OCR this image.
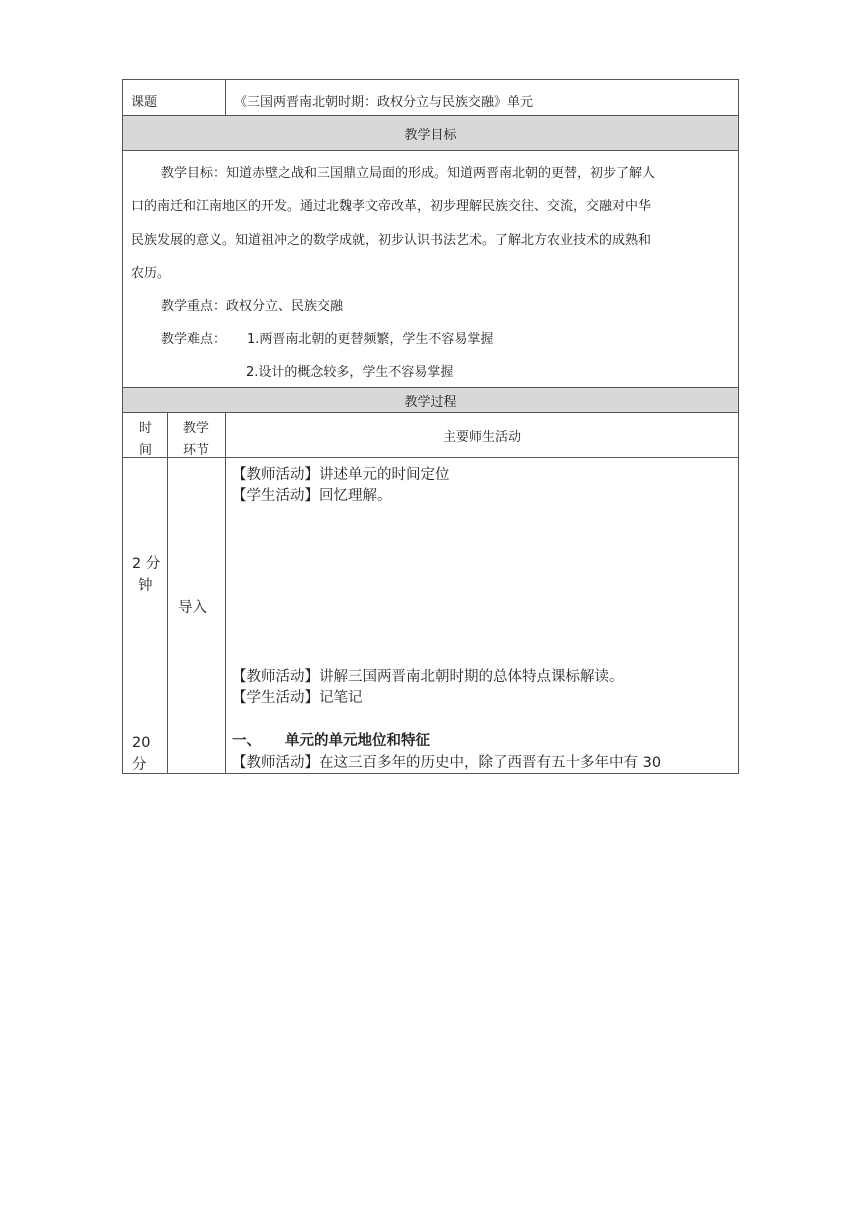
课题	《三国两晋南北朝时期：政权分立与民族交融》单元
教学目标
教学目标：知道赤壁之战和三国鼎立局面的形成。知道两晋南北朝的更替，初步了解人
口的南迁和江南地区的开发。通过北魏孝文帝改革，初步理解民族交往、交流，交融对中华
民族发展的意义。知道祖冲之的数学成就，初步认识书法艺术。了解北方农业技术的成熟和
农历。
教学重点：政权分立、民族交融
教学难点： 1.两晋南北朝的更替频繁，学生不容易掌握
2.设计的概念较多，学生不容易掌握
教学过程
时
间
教学
环节
主要师生活动
2 分
钟
20
分
导入
【教师活动】讲述单元的时间定位
【学生活动】回忆理解。
【教师活动】讲解三国两晋南北朝时期的总体特点课标解读。
【学生活动】记笔记
一、 单元的单元地位和特征
【教师活动】在这三百多年的历史中，除了西晋有五十多年中有 30
